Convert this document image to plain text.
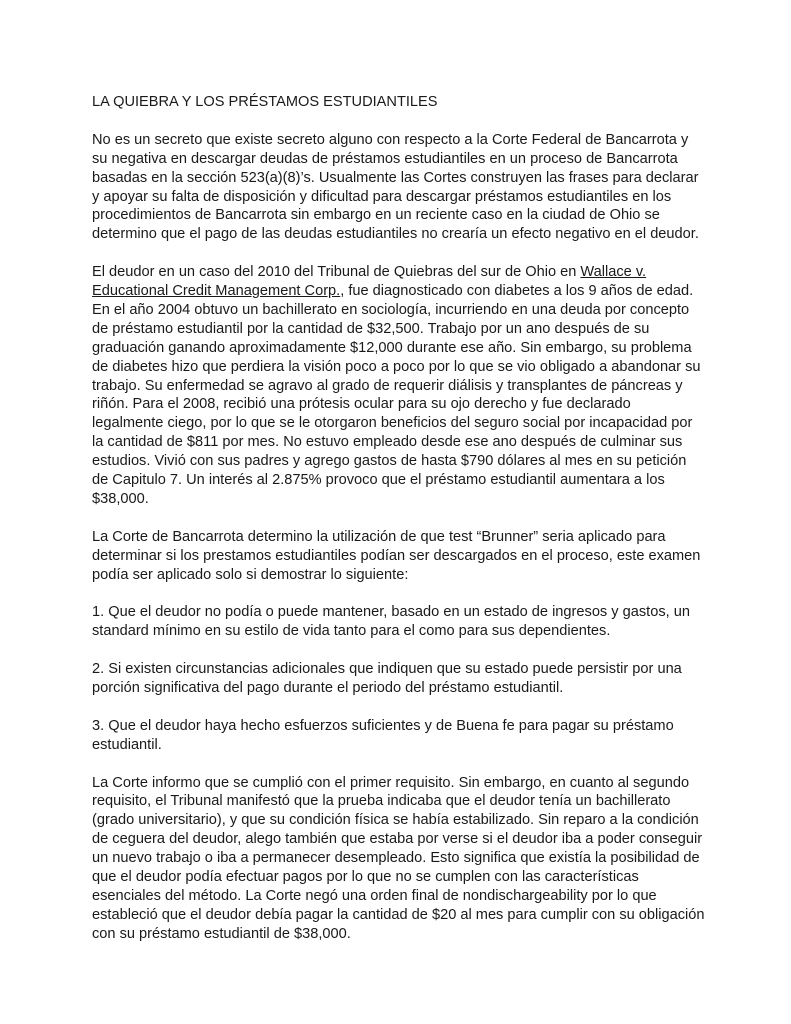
LA QUIEBRA Y LOS PRÉSTAMOS ESTUDIANTILES

No es un secreto que existe secreto alguno con respecto a la Corte Federal de Bancarrota y su negativa en descargar deudas de préstamos estudiantiles en un proceso de Bancarrota basadas en la sección 523(a)(8)’s. Usualmente las Cortes construyen las frases para declarar y apoyar su falta de disposición y dificultad para descargar préstamos estudiantiles en los procedimientos de Bancarrota sin embargo en un reciente caso en la ciudad de Ohio se determino que el pago de las deudas estudiantiles no crearía un efecto negativo en el deudor.

El deudor en un caso del 2010 del Tribunal de Quiebras del sur de Ohio en Wallace v. Educational Credit Management Corp., fue diagnosticado con diabetes a los 9 años de edad. En el año 2004 obtuvo un bachillerato en sociología, incurriendo en una deuda por concepto de préstamo estudiantil por la cantidad de $32,500. Trabajo por un ano después de su graduación ganando aproximadamente $12,000 durante ese año. Sin embargo, su problema de diabetes hizo que perdiera la visión poco a poco por lo que se vio obligado a abandonar su trabajo. Su enfermedad se agravo al grado de requerir diálisis y transplantes de páncreas y riñón. Para el 2008, recibió una prótesis ocular para su ojo derecho y fue declarado legalmente ciego, por lo que se le otorgaron beneficios del seguro social por incapacidad por la cantidad de $811 por mes. No estuvo empleado desde ese ano después de culminar sus estudios. Vivió con sus padres y agrego gastos de hasta $790 dólares al mes en su petición de Capitulo 7. Un interés al 2.875% provoco que el préstamo estudiantil aumentara a los $38,000.

La Corte de Bancarrota determino la utilización de que test “Brunner” seria aplicado para determinar si los prestamos estudiantiles podían ser descargados en el proceso, este examen podía ser aplicado solo si demostrar lo siguiente:

1. Que el deudor no podía o puede mantener, basado en un estado de ingresos y gastos, un standard mínimo en su estilo de vida tanto para el como para sus dependientes.

2. Si existen circunstancias adicionales que indiquen que su estado puede persistir por una porción significativa del pago durante el periodo del préstamo estudiantil.

3. Que el deudor haya hecho esfuerzos suficientes y de Buena fe para pagar su préstamo estudiantil.

La Corte informo que se cumplió con el primer requisito. Sin embargo, en cuanto al segundo requisito, el Tribunal manifestó que la prueba indicaba que el deudor tenía un bachillerato (grado universitario), y que su condición física se había estabilizado. Sin reparo a la condición de ceguera del deudor, alego también que estaba por verse si el deudor iba a poder conseguir un nuevo trabajo o iba a permanecer desempleado. Esto significa que existía la posibilidad de que el deudor podía efectuar pagos por lo que no se cumplen con las características esenciales del método. La Corte negó una orden final de nondischargeability por lo que estableció que el deudor debía pagar la cantidad de $20 al mes para cumplir con su obligación con su préstamo estudiantil de $38,000.
